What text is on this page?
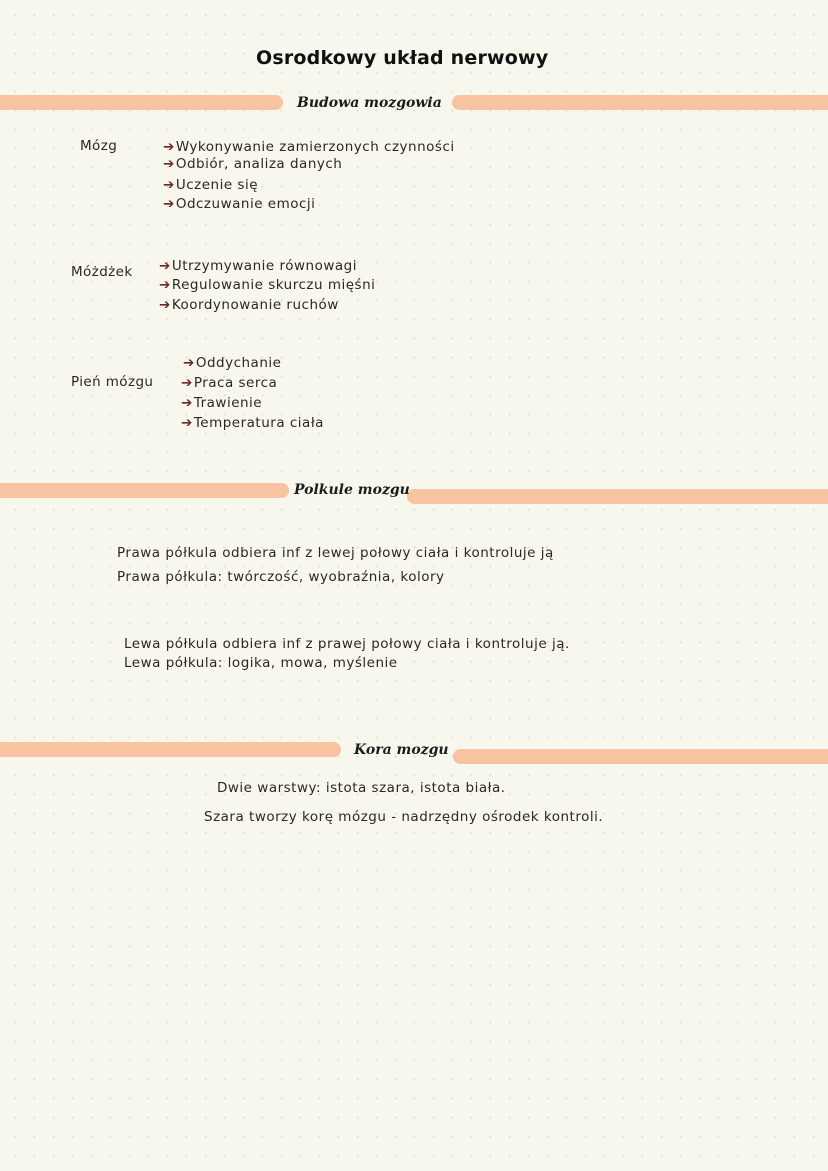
Osrodkowy układ nerwowy
Budowa mozgowia
Mózg	➔Wykonywanie zamierzonych czynności
➔Odbiór, analiza danych
➔Uczenie się
➔Odczuwanie emocji
Móżdżek ➔Utrzymywanie równowagi
➔Regulowanie skurczu mięśni
➔Koordynowanie ruchów
Pień mózgu
➔Oddychanie
➔Praca serca
➔Trawienie
➔Temperatura ciała
Polkule mozgu
Prawa półkula odbiera inf z lewej połowy ciała i kontroluje ją
Prawa półkula: twórczość, wyobraźnia, kolory
Lewa półkula odbiera inf z prawej połowy ciała i kontroluje ją.
Lewa półkula: logika, mowa, myślenie
Kora mozgu
Dwie warstwy: istota szara, istota biała.
Szara tworzy korę mózgu - nadrzędny ośrodek kontroli.
